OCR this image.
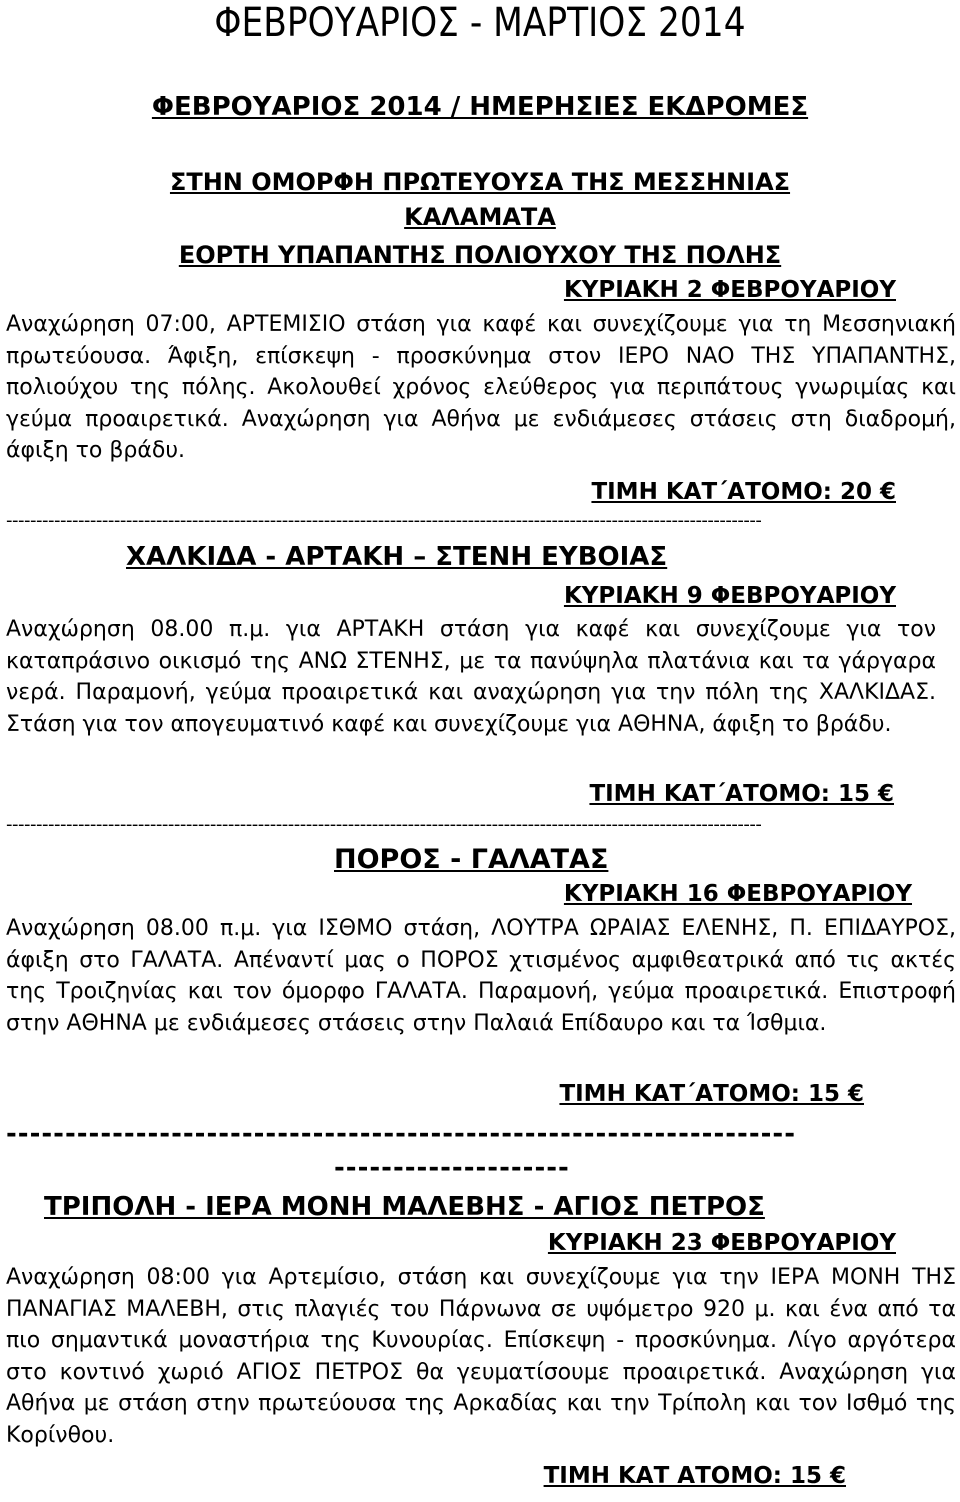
ΦΕΒΡΟΥΑΡΙΟΣ - ΜΑΡΤΙΟΣ 2014
ΦΕΒΡΟΥΑΡΙΟΣ 2014 / ΗΜΕΡΗΣΙΕΣ ΕΚΔΡΟΜΕΣ
ΣΤΗΝ ΟΜΟΡΦΗ ΠΡΩΤΕΥΟΥΣΑ ΤΗΣ ΜΕΣΣΗΝΙΑΣ
ΚΑΛΑΜΑΤΑ
ΕΟΡΤΗ ΥΠΑΠΑΝΤΗΣ ΠΟΛΙΟΥΧΟΥ ΤΗΣ ΠΟΛΗΣ
ΚΥΡΙΑΚΗ 2 ΦΕΒΡΟΥΑΡΙΟΥ
Αναχώρηση 07:00, ΑΡΤΕΜΙΣΙΟ στάση για καφέ και συνεχίζουμε για τη Μεσσηνιακή πρωτεύουσα. Άφιξη, επίσκεψη - προσκύνημα στον ΙΕΡΟ ΝΑΟ ΤΗΣ ΥΠΑΠΑΝΤΗΣ, πολιούχου της πόλης. Ακολουθεί χρόνος ελεύθερος για περιπάτους γνωριμίας και γεύμα προαιρετικά. Αναχώρηση για Αθήνα με ενδιάμεσες στάσεις στη διαδρομή, άφιξη το βράδυ.
ΤΙΜΗ ΚΑΤ΄ΑΤΟΜΟ: 20 €
------------------------------------------------------------------------------------------------------------------------------
ΧΑΛΚΙΔΑ - ΑΡΤΑΚΗ – ΣΤΕΝΗ ΕΥΒΟΙΑΣ
ΚΥΡΙΑΚΗ 9 ΦΕΒΡΟΥΑΡΙΟΥ
Αναχώρηση 08.00 π.μ. για ΑΡΤΑΚΗ στάση για καφέ και συνεχίζουμε για τον καταπράσινο οικισμό της ΑΝΩ ΣΤΕΝΗΣ, με τα πανύψηλα πλατάνια και τα γάργαρα νερά. Παραμονή, γεύμα προαιρετικά και αναχώρηση για την πόλη της ΧΑΛΚΙΔΑΣ. Στάση για τον απογευματινό καφέ και συνεχίζουμε για ΑΘΗΝΑ, άφιξη το βράδυ.
ΤΙΜΗ ΚΑΤ΄ΑΤΟΜΟ: 15 €
------------------------------------------------------------------------------------------------------------------------------
ΠΟΡΟΣ - ΓΑΛΑΤΑΣ
ΚΥΡΙΑΚΗ 16 ΦΕΒΡΟΥΑΡΙΟΥ
Αναχώρηση 08.00 π.μ. για ΙΣΘΜΟ στάση, ΛΟΥΤΡΑ ΩΡΑΙΑΣ ΕΛΕΝΗΣ, Π. ΕΠΙΔΑΥΡΟΣ, άφιξη στο ΓΑΛΑΤΑ. Απέναντί μας ο ΠΟΡΟΣ χτισμένος αμφιθεατρικά από τις ακτές της Τροιζηνίας και τον όμορφο ΓΑΛΑΤΑ. Παραμονή, γεύμα προαιρετικά. Επιστροφή στην ΑΘΗΝΑ με ενδιάμεσες στάσεις στην Παλαιά Επίδαυρο και τα Ίσθμια.
ΤΙΜΗ ΚΑΤ΄ΑΤΟΜΟ: 15 €
-------------------------------------------------------------------
--------------------
ΤΡΙΠΟΛΗ - ΙΕΡΑ ΜΟΝΗ ΜΑΛΕΒΗΣ - ΑΓΙΟΣ ΠΕΤΡΟΣ
ΚΥΡΙΑΚΗ 23 ΦΕΒΡΟΥΑΡΙΟΥ
Αναχώρηση 08:00 για Αρτεμίσιο, στάση και συνεχίζουμε για την ΙΕΡΑ ΜΟΝΗ ΤΗΣ ΠΑΝΑΓΙΑΣ ΜΑΛΕΒΗ, στις πλαγιές του Πάρνωνα σε υψόμετρο 920 μ. και ένα από τα πιο σημαντικά μοναστήρια της Κυνουρίας. Επίσκεψη - προσκύνημα. Λίγο αργότερα στο κοντινό χωριό ΑΓΙΟΣ ΠΕΤΡΟΣ θα γευματίσουμε προαιρετικά. Αναχώρηση για Αθήνα με στάση στην πρωτεύουσα της Αρκαδίας και την Τρίπολη και τον Ισθμό της Κορίνθου.
ΤΙΜΗ ΚΑΤ ΑΤΟΜΟ: 15 €
